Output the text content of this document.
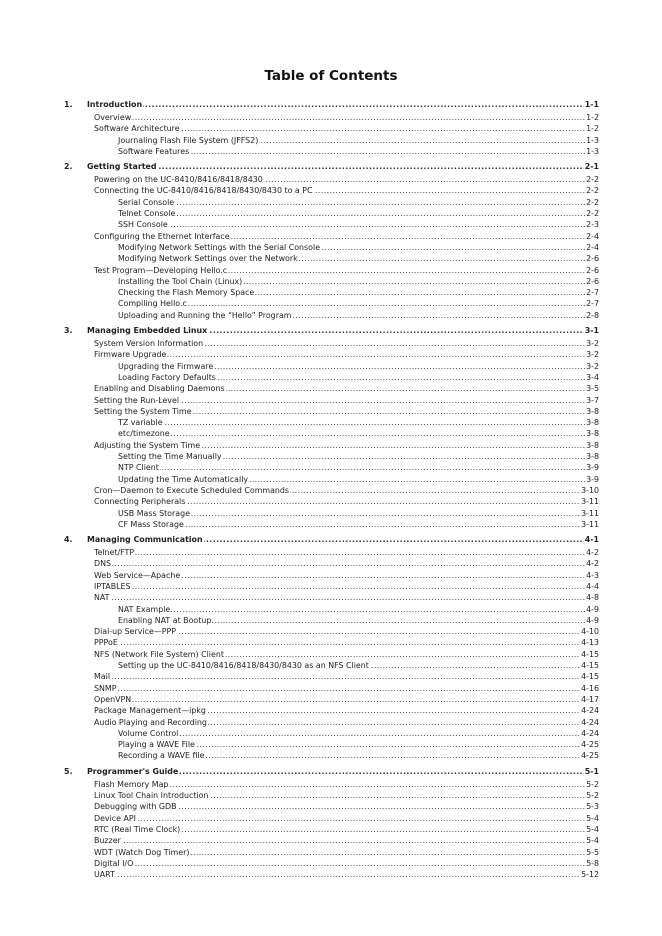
Table of Contents
1. ..... Introduction	1-1
.....
Overview	1-2
.....
Software Architecture	1-2
.....
Journaling Flash File System (JFFS2)	1-3
.....
Software Features	1-3
2. ..... Getting Started	2-1
.....
Powering on the UC-8410/8416/8418/8430	2-2
.....
Connecting the UC-8410/8416/8418/8430/8430 to a PC	2-2
.....
Serial Console	2-2
.....
Telnet Console	2-2
.....
SSH Console	2-3
.....
Configuring the Ethernet Interface	2-4
.....
Modifying Network Settings with the Serial Console	2-4
.....
Modifying Network Settings over the Network	2-6
.....
Test Program—Developing Hello.c	2-6
.....
Installing the Tool Chain (Linux)	2-6
.....
Checking the Flash Memory Space	2-7
.....
Compiling Hello.c	2-7
.....
Uploading and Running the “Hello” Program	2-8
3. ..... Managing Embedded Linux	3-1
.....
System Version Information	3-2
.....
Firmware Upgrade	3-2
.....
Upgrading the Firmware	3-2
.....
Loading Factory Defaults	3-4
.....
Enabling and Disabling Daemons	3-5
.....
Setting the Run-Level	3-7
.....
Setting the System Time	3-8
.....
TZ variable	3-8
.....
etc/timezone	3-8
.....
Adjusting the System Time	3-8
.....
Setting the Time Manually	3-8
.....
NTP Client	3-9
.....
Updating the Time Automatically	3-9
.....
Cron—Daemon to Execute Scheduled Commands	3-10
.....
Connecting Peripherals	3-11
.....
USB Mass Storage	3-11
.....
CF Mass Storage	3-11
4. ..... Managing Communication	4-1
.....
Telnet/FTP	4-2
.....
DNS	4-2
.....
Web Service—Apache	4-3
.....
IPTABLES	4-4
.....
NAT	4-8
.....
NAT Example	4-9
.....
Enabling NAT at Bootup	4-9
.....
Dial-up Service—PPP	4-10
.....
PPPoE	4-13
.....
NFS (Network File System) Client	4-15
.....
Setting up the UC-8410/8416/8418/8430/8430 as an NFS Client	4-15
.....
Mail	4-15
.....
SNMP	4-16
.....
OpenVPN	4-17
.....
Package Management—ipkg	4-24
.....
Audio Playing and Recording	4-24
.....
Volume Control	4-24
.....
Playing a WAVE File	4-25
.....
Recording a WAVE file	4-25
5. ..... Programmer's Guide	5-1
.....
Flash Memory Map	5-2
.....
Linux Tool Chain Introduction	5-2
.....
Debugging with GDB	5-3
.....
Device API	5-4
.....
RTC (Real Time Clock)	5-4
.....
Buzzer	5-4
.....
WDT (Watch Dog Timer)	5-5
.....
Digital I/O	5-8
.....
UART	5-12
